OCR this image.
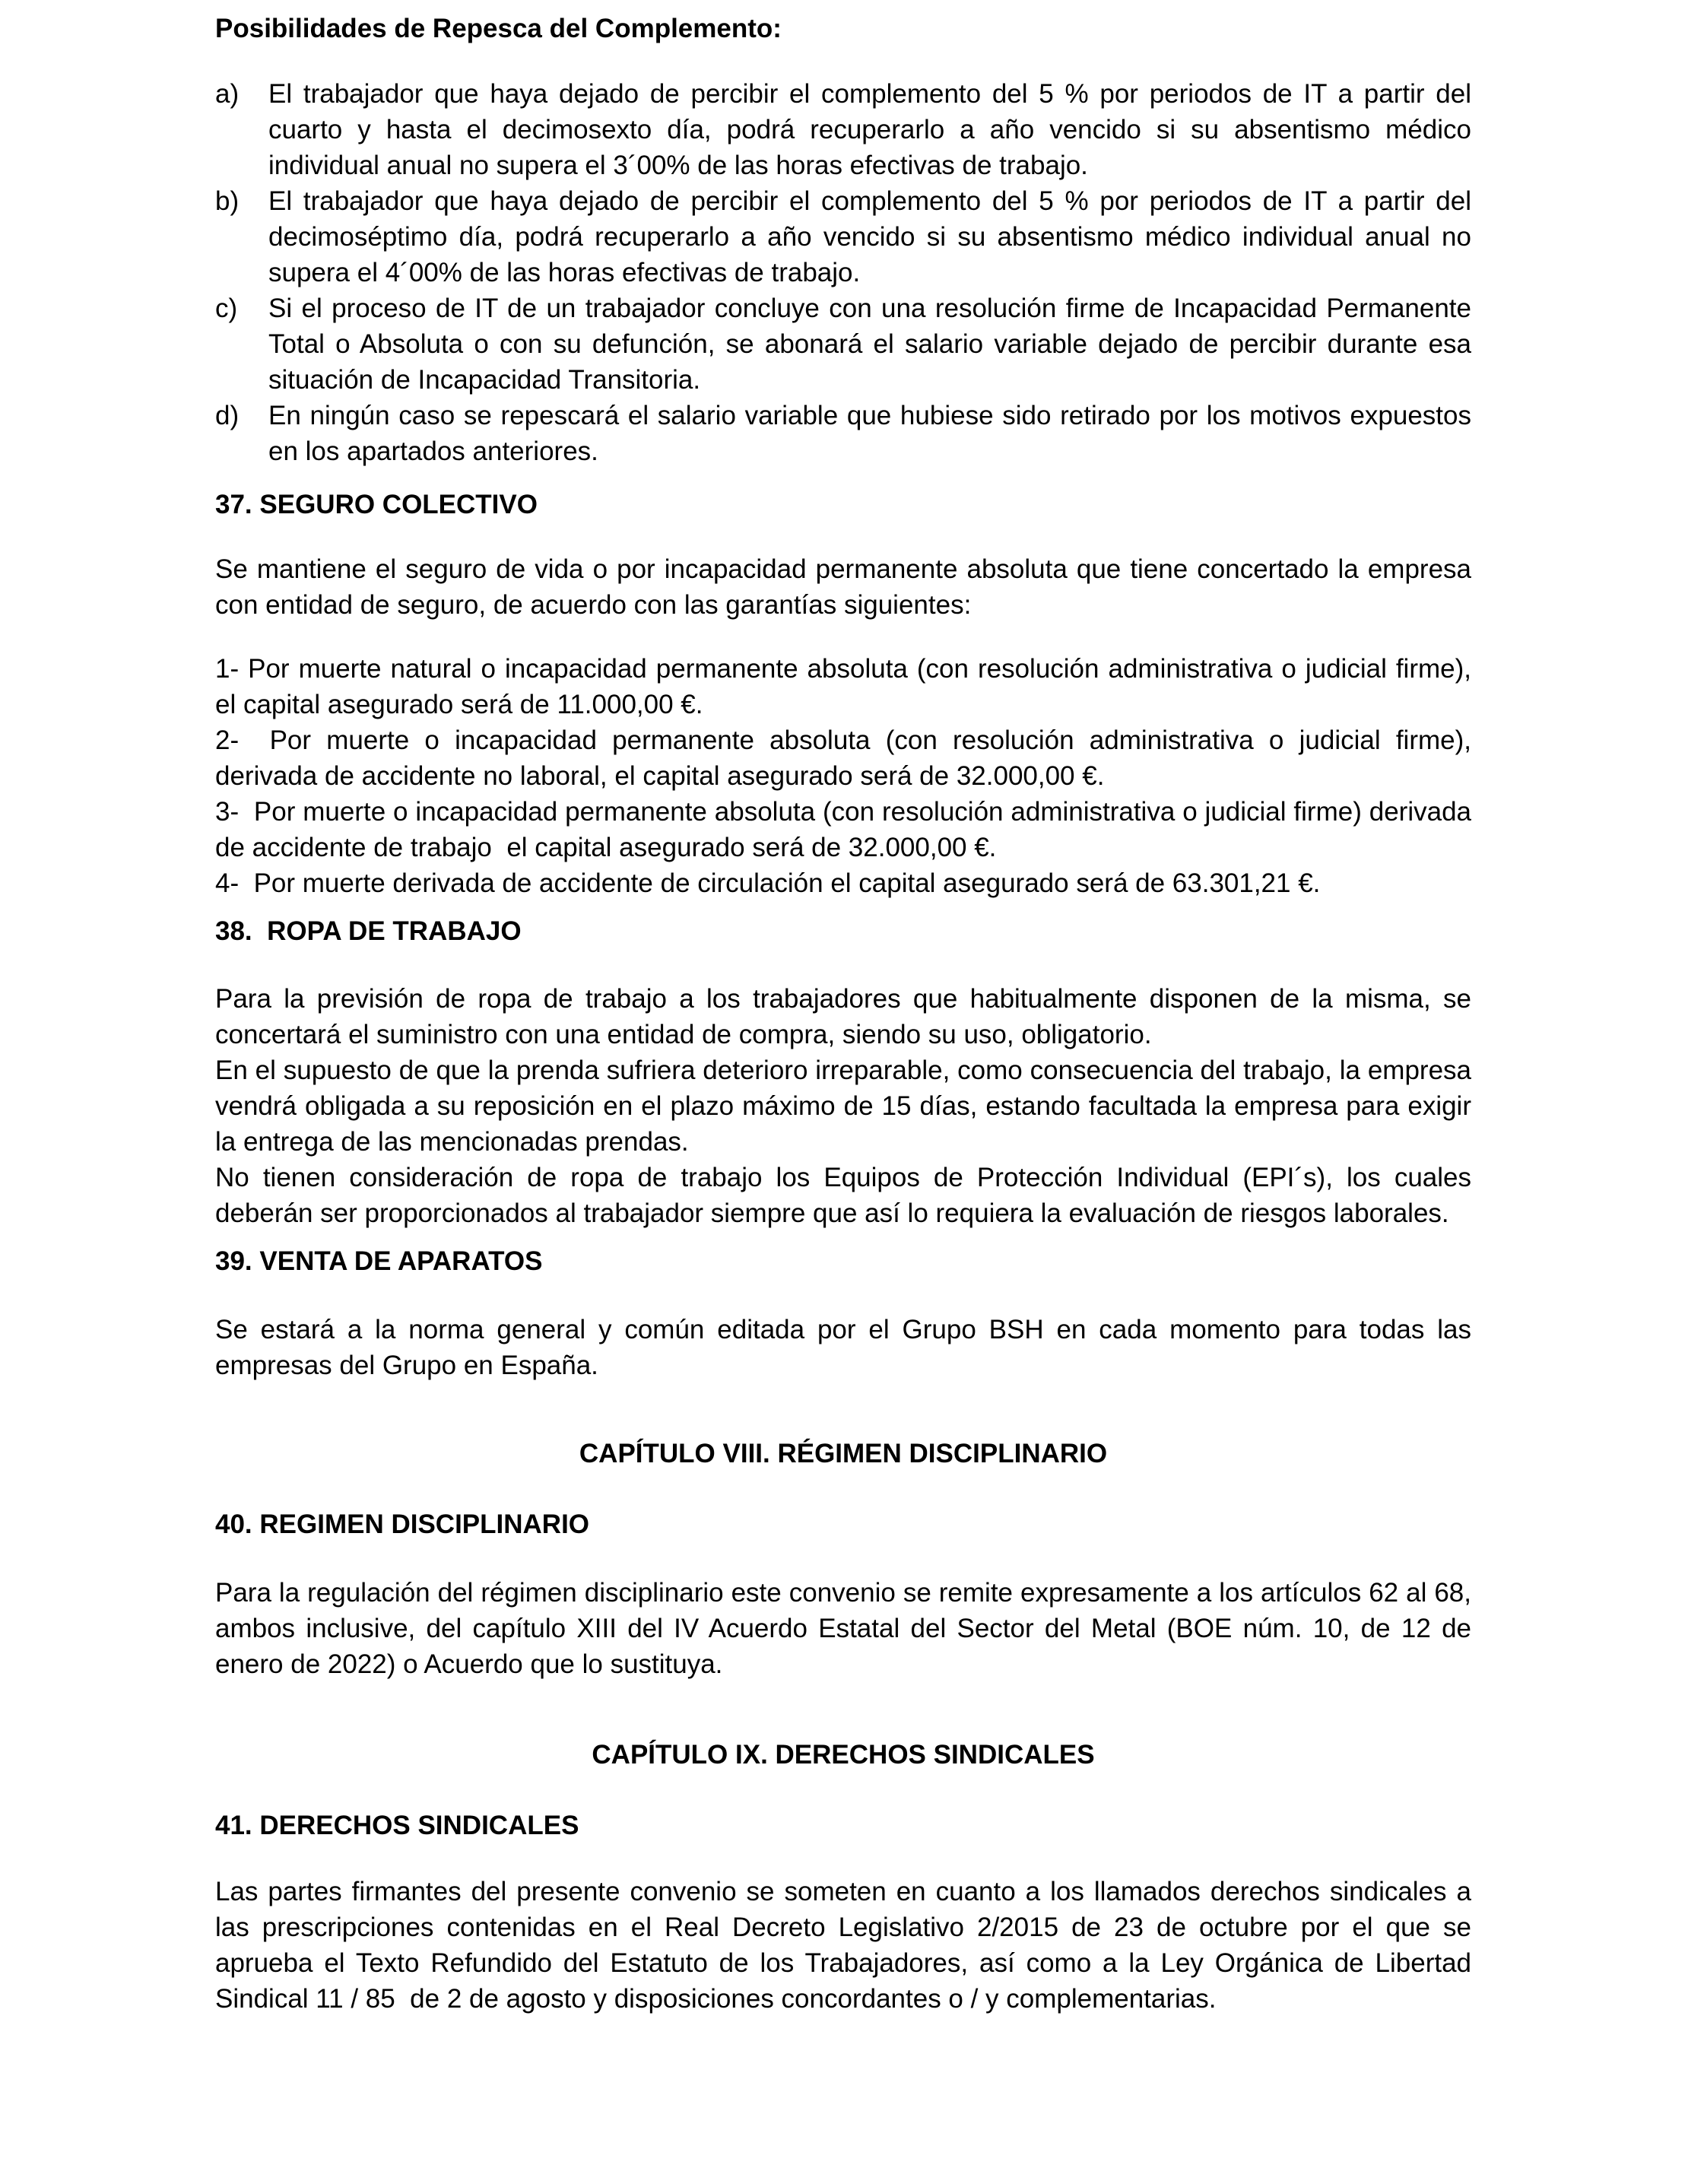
Posibilidades de Repesca del Complemento:

a) El trabajador que haya dejado de percibir el complemento del 5 % por periodos de IT a partir del cuarto y hasta el decimosexto día, podrá recuperarlo a año vencido si su absentismo médico individual anual no supera el 3´00% de las horas efectivas de trabajo.

b) El trabajador que haya dejado de percibir el complemento del 5 % por periodos de IT a partir del decimoséptimo día, podrá recuperarlo a año vencido si su absentismo médico individual anual no supera el 4´00% de las horas efectivas de trabajo.

c) Si el proceso de IT de un trabajador concluye con una resolución firme de Incapacidad Permanente Total o Absoluta o con su defunción, se abonará el salario variable dejado de percibir durante esa situación de Incapacidad Transitoria.

d) En ningún caso se repescará el salario variable que hubiese sido retirado por los motivos expuestos en los apartados anteriores.

37. SEGURO COLECTIVO

Se mantiene el seguro de vida o por incapacidad permanente absoluta que tiene concertado la empresa con entidad de seguro, de acuerdo con las garantías siguientes:

1- Por muerte natural o incapacidad permanente absoluta (con resolución administrativa o judicial firme), el capital asegurado será de 11.000,00 €.

2-  Por muerte o incapacidad permanente absoluta (con resolución administrativa o judicial firme), derivada de accidente no laboral, el capital asegurado será de 32.000,00 €.

3-  Por muerte o incapacidad permanente absoluta (con resolución administrativa o judicial firme) derivada de accidente de trabajo  el capital asegurado será de 32.000,00 €.

4-  Por muerte derivada de accidente de circulación el capital asegurado será de 63.301,21 €.

38.  ROPA DE TRABAJO

Para la previsión de ropa de trabajo a los trabajadores que habitualmente disponen de la misma, se concertará el suministro con una entidad de compra, siendo su uso, obligatorio.

En el supuesto de que la prenda sufriera deterioro irreparable, como consecuencia del trabajo, la empresa vendrá obligada a su reposición en el plazo máximo de 15 días, estando facultada la empresa para exigir la entrega de las mencionadas prendas.

No tienen consideración de ropa de trabajo los Equipos de Protección Individual (EPI´s), los cuales deberán ser proporcionados al trabajador siempre que así lo requiera la evaluación de riesgos laborales.

39. VENTA DE APARATOS

Se estará a la norma general y común editada por el Grupo BSH en cada momento para todas las empresas del Grupo en España.

CAPÍTULO VIII. RÉGIMEN DISCIPLINARIO
40. REGIMEN DISCIPLINARIO

Para la regulación del régimen disciplinario este convenio se remite expresamente a los artículos 62 al 68, ambos inclusive, del capítulo XIII del IV Acuerdo Estatal del Sector del Metal (BOE núm. 10, de 12 de enero de 2022) o Acuerdo que lo sustituya.

CAPÍTULO IX. DERECHOS SINDICALES
41. DERECHOS SINDICALES

Las partes firmantes del presente convenio se someten en cuanto a los llamados derechos sindicales a las prescripciones contenidas en el Real Decreto Legislativo 2/2015 de 23 de octubre por el que se aprueba el Texto Refundido del Estatuto de los Trabajadores, así como a la Ley Orgánica de Libertad Sindical 11 / 85  de 2 de agosto y disposiciones concordantes o / y complementarias.
